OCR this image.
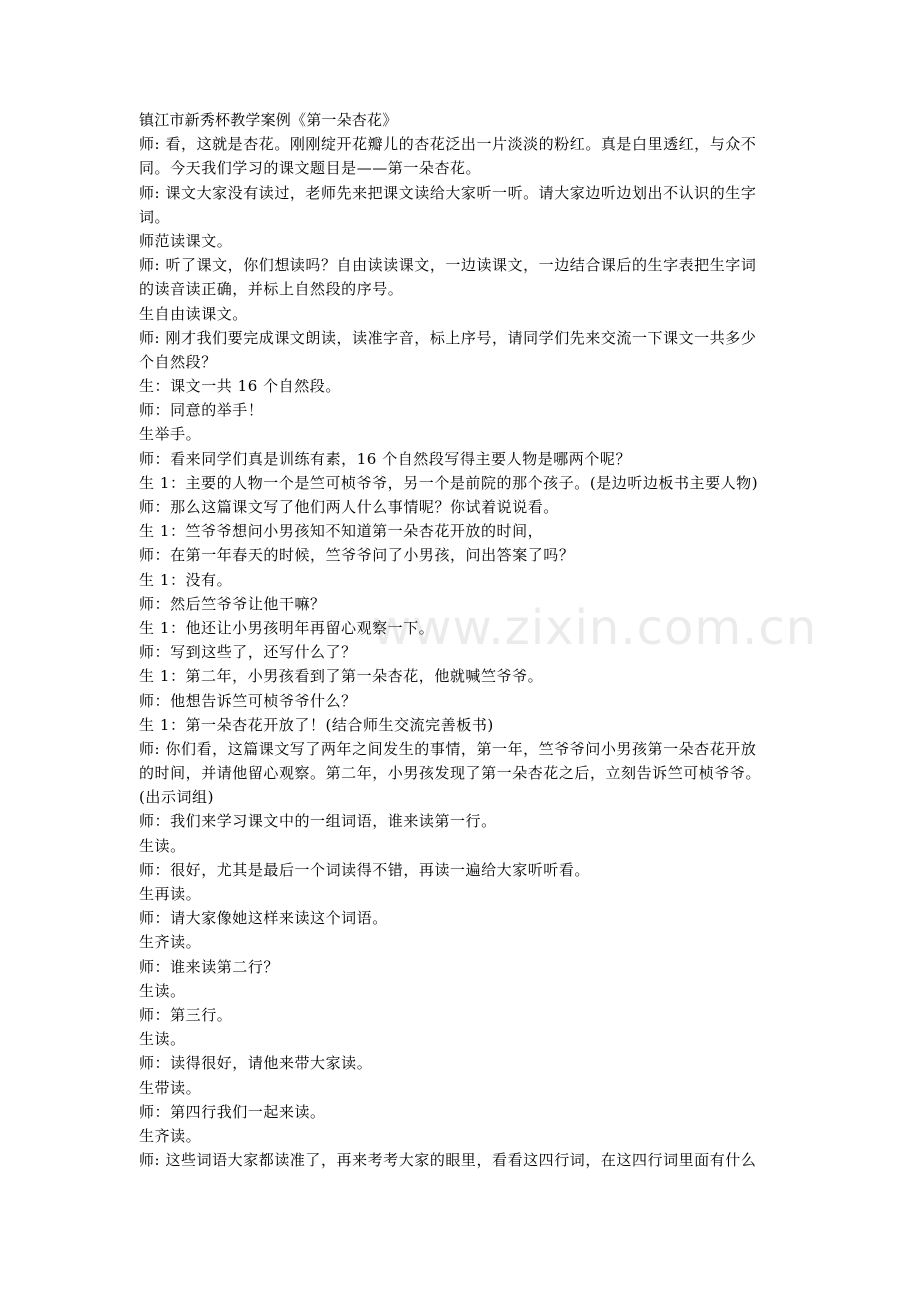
镇江市新秀杯教学案例《第一朵杏花》
师: 看，这就是杏花。刚刚绽开花瓣儿的杏花泛出一片淡淡的粉红。真是白里透红，与众不
同。今天我们学习的课文题目是——第一朵杏花。
师: 课文大家没有读过，老师先来把课文读给大家听一听。请大家边听边划出不认识的生字
词。
师范读课文。
师: 听了课文，你们想读吗？自由读读课文，一边读课文，一边结合课后的生字表把生字词
的读音读正确，并标上自然段的序号。
生自由读课文。
师: 刚才我们要完成课文朗读，读准字音，标上序号，请同学们先来交流一下课文一共多少
个自然段？
生：课文一共 16 个自然段。
师：同意的举手！
生举手。
师：看来同学们真是训练有素，16 个自然段写得主要人物是哪两个呢？
生 1：主要的人物一个是竺可桢爷爷，另一个是前院的那个孩子。(是边听边板书主要人物)
师：那么这篇课文写了他们两人什么事情呢？你试着说说看。
生 1：竺爷爷想问小男孩知不知道第一朵杏花开放的时间，
师：在第一年春天的时候，竺爷爷问了小男孩，问出答案了吗？
生 1：没有。
师：然后竺爷爷让他干嘛？
生 1：他还让小男孩明年再留心观察一下。
师：写到这些了，还写什么了？
生 1：第二年，小男孩看到了第一朵杏花，他就喊竺爷爷。
师：他想告诉竺可桢爷爷什么？
生 1：第一朵杏花开放了！(结合师生交流完善板书)
师: 你们看，这篇课文写了两年之间发生的事情，第一年，竺爷爷问小男孩第一朵杏花开放
的时间，并请他留心观察。第二年，小男孩发现了第一朵杏花之后，立刻告诉竺可桢爷爷。
(出示词组)
师：我们来学习课文中的一组词语，谁来读第一行。
生读。
师：很好，尤其是最后一个词读得不错，再读一遍给大家听听看。
生再读。
师：请大家像她这样来读这个词语。
生齐读。
师：谁来读第二行？
生读。
师：第三行。
生读。
师：读得很好，请他来带大家读。
生带读。
师：第四行我们一起来读。
生齐读。
师: 这些词语大家都读准了，再来考考大家的眼里，看看这四行词，在这四行词里面有什么
www.zixin.com.cn
